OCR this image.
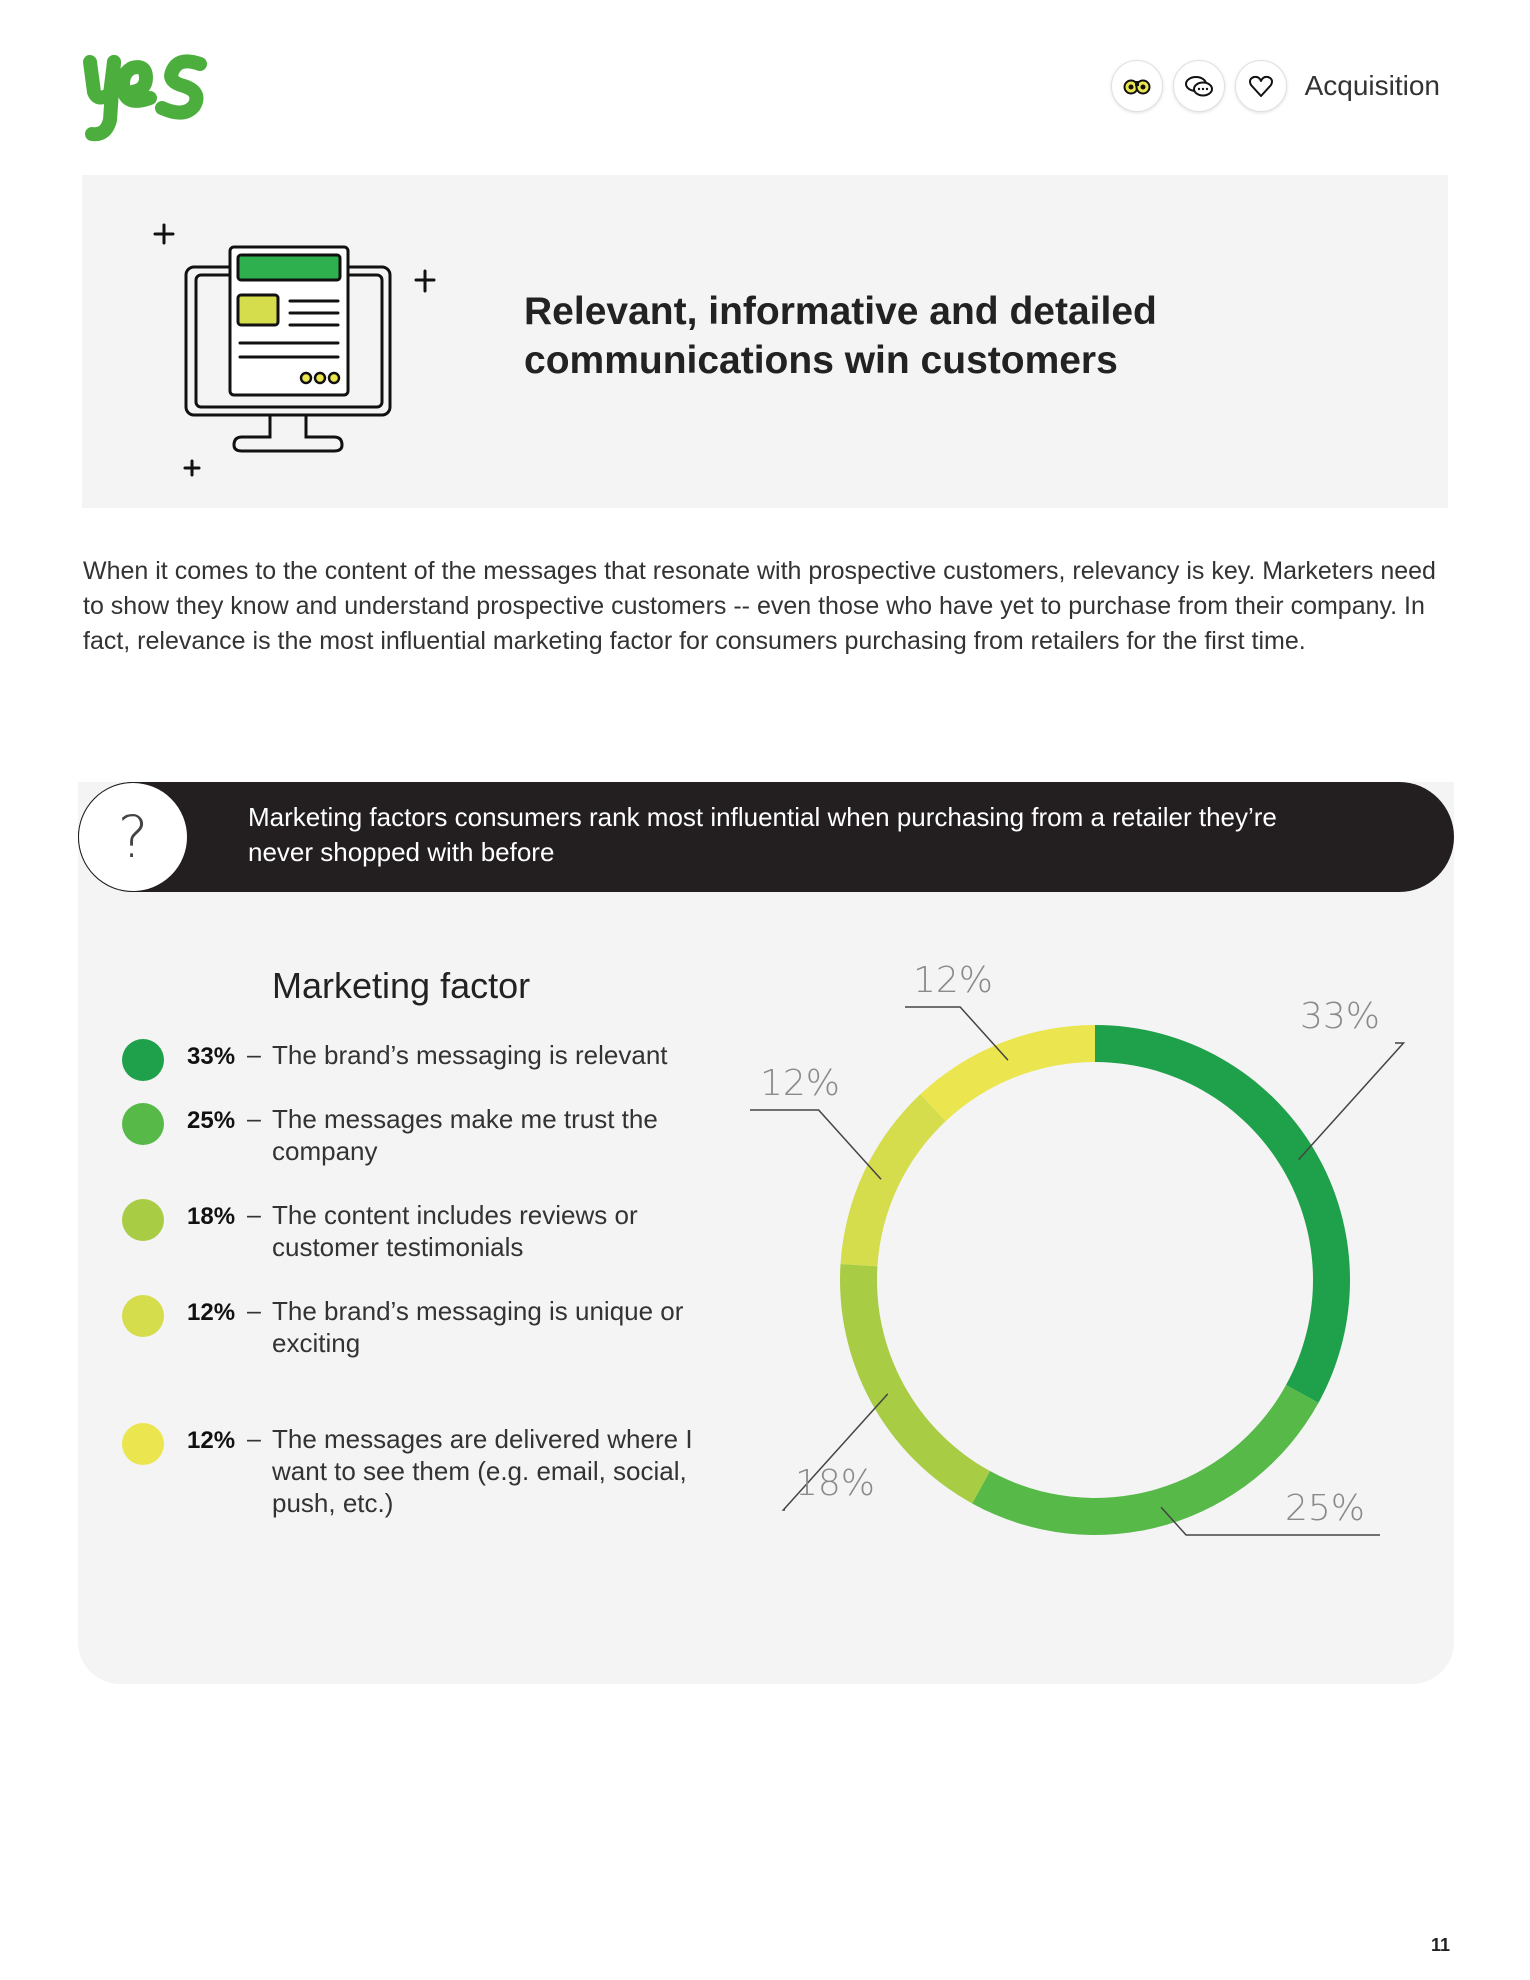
Acquisition
Relevant, informative and detailed communications win customers
When it comes to the content of the messages that resonate with prospective customers, relevancy is key. Marketers need to show they know and understand prospective customers -- even those who have yet to purchase from their company. In fact, relevance is the most influential marketing factor for consumers purchasing from retailers for the first time.
?	Marketing factors consumers rank most influential when purchasing from a retailer they’re never shopped with before
Marketing factor
33% – The brand’s messaging is relevant
25% – The messages make me trust the company
18% – The content includes reviews or customer testimonials
12% – The brand’s messaging is unique or exciting
12% – The messages are delivered where I want to see them (e.g. email, social, push, etc.)
33%
25%
18%
12%
12%
11
